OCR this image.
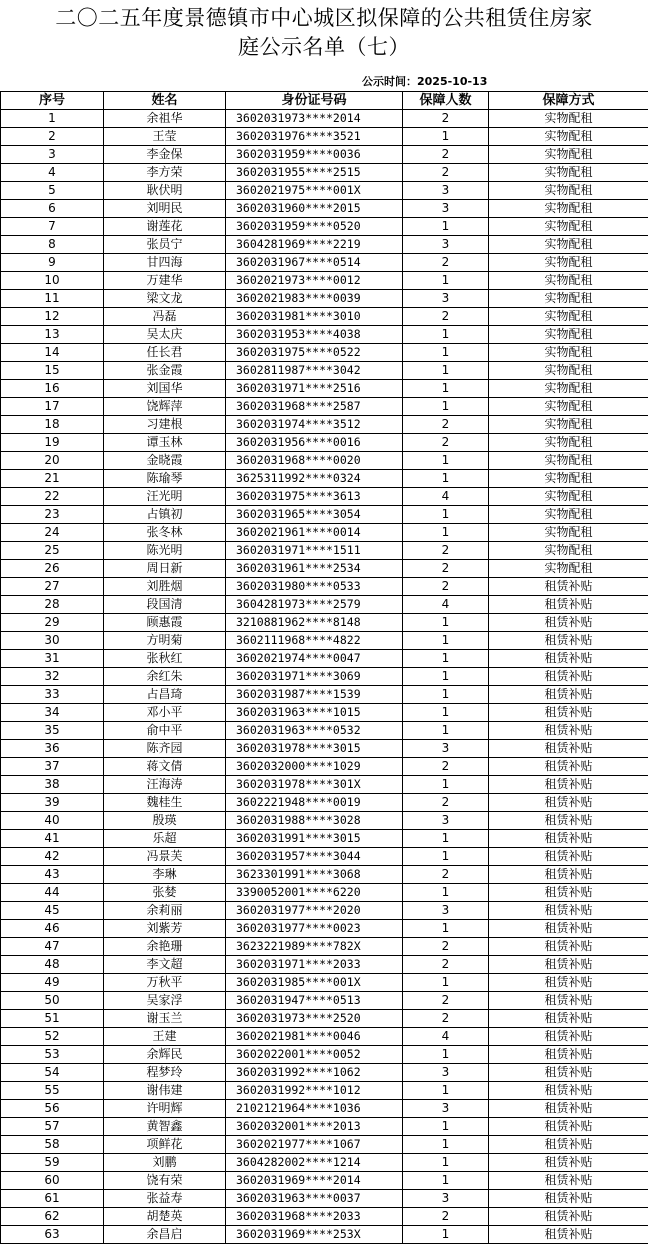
二〇二五年度景德镇市中心城区拟保障的公共租赁住房家
庭公示名单（七）
公示时间：2025-10-13
序号	姓名	身份证号码	保障人数	保障方式
1	余祖华	3602031973****2014	2	实物配租
2	王莹	3602031976****3521	1	实物配租
3	李金保	3602031959****0036	2	实物配租
4	李方荣	3602031955****2515	2	实物配租
5	耿伏明	3602021975****001X	3	实物配租
6	刘明民	3602031960****2015	3	实物配租
7	谢莲花	3602031959****0520	1	实物配租
8	张员宁	3604281969****2219	3	实物配租
9	甘四海	3602031967****0514	2	实物配租
10	万建华	3602021973****0012	1	实物配租
11	梁文龙	3602021983****0039	3	实物配租
12	冯磊	3602031981****3010	2	实物配租
13	吴太庆	3602031953****4038	1	实物配租
14	任长君	3602031975****0522	1	实物配租
15	张金霞	3602811987****3042	1	实物配租
16	刘国华	3602031971****2516	1	实物配租
17	饶辉萍	3602031968****2587	1	实物配租
18	习建根	3602031974****3512	2	实物配租
19	谭玉林	3602031956****0016	2	实物配租
20	金晓霞	3602031968****0020	1	实物配租
21	陈瑜琴	3625311992****0324	1	实物配租
22	汪光明	3602031975****3613	4	实物配租
23	占镇初	3602031965****3054	1	实物配租
24	张冬林	3602021961****0014	1	实物配租
25	陈光明	3602031971****1511	2	实物配租
26	周日新	3602031961****2534	2	实物配租
27	刘胜烟	3602031980****0533	2	租赁补贴
28	段国清	3604281973****2579	4	租赁补贴
29	顾惠霞	3210881962****8148	1	租赁补贴
30	方明菊	3602111968****4822	1	租赁补贴
31	张秋红	3602021974****0047	1	租赁补贴
32	余红朱	3602031971****3069	1	租赁补贴
33	占昌琦	3602031987****1539	1	租赁补贴
34	邓小平	3602031963****1015	1	租赁补贴
35	俞中平	3602031963****0532	1	租赁补贴
36	陈齐园	3602031978****3015	3	租赁补贴
37	蒋文倩	3602032000****1029	2	租赁补贴
38	汪海涛	3602031978****301X	1	租赁补贴
39	魏桂生	3602221948****0019	2	租赁补贴
40	殷瑛	3602031988****3028	3	租赁补贴
41	乐超	3602031991****3015	1	租赁补贴
42	冯景芙	3602031957****3044	1	租赁补贴
43	李琳	3623301991****3068	2	租赁补贴
44	张婪	3390052001****6220	1	租赁补贴
45	余莉丽	3602031977****2020	3	租赁补贴
46	刘紫芳	3602031977****0023	1	租赁补贴
47	余艳珊	3623221989****782X	2	租赁补贴
48	李文超	3602031971****2033	2	租赁补贴
49	万秋平	3602031985****001X	1	租赁补贴
50	吴家浮	3602031947****0513	2	租赁补贴
51	谢玉兰	3602031973****2520	2	租赁补贴
52	王建	3602021981****0046	4	租赁补贴
53	余辉民	3602022001****0052	1	租赁补贴
54	程梦玲	3602031992****1062	3	租赁补贴
55	谢伟建	3602031992****1012	1	租赁补贴
56	许明辉	2102121964****1036	3	租赁补贴
57	黄智鑫	3602032001****2013	1	租赁补贴
58	项鲜花	3602021977****1067	1	租赁补贴
59	刘鹏	3604282002****1214	1	租赁补贴
60	饶有荣	3602031969****2014	1	租赁补贴
61	张益寿	3602031963****0037	3	租赁补贴
62	胡楚英	3602031968****2033	2	租赁补贴
63	余昌启	3602031969****253X	1	租赁补贴
